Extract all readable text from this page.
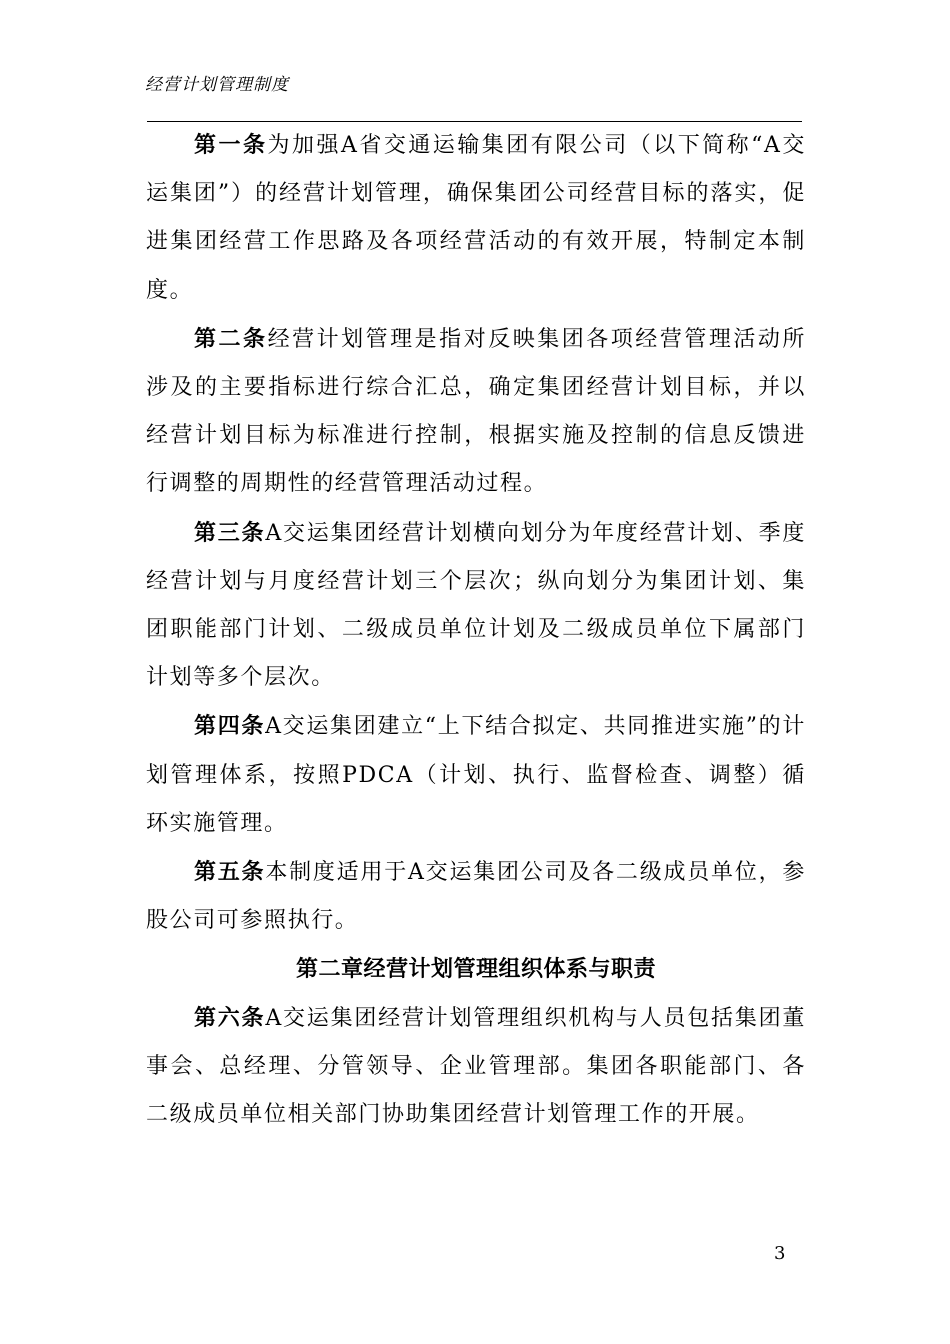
经营计划管理制度

第一条为加强A省交通运输集团有限公司（以下简称“A交运集团”）的经营计划管理，确保集团公司经营目标的落实，促进集团经营工作思路及各项经营活动的有效开展，特制定本制度。

第二条经营计划管理是指对反映集团各项经营管理活动所涉及的主要指标进行综合汇总，确定集团经营计划目标，并以经营计划目标为标准进行控制，根据实施及控制的信息反馈进行调整的周期性的经营管理活动过程。

第三条A交运集团经营计划横向划分为年度经营计划、季度经营计划与月度经营计划三个层次；纵向划分为集团计划、集团职能部门计划、二级成员单位计划及二级成员单位下属部门计划等多个层次。

第四条A交运集团建立“上下结合拟定、共同推进实施”的计划管理体系，按照PDCA（计划、执行、监督检查、调整）循环实施管理。

第五条本制度适用于A交运集团公司及各二级成员单位，参股公司可参照执行。

第二章经营计划管理组织体系与职责

第六条A交运集团经营计划管理组织机构与人员包括集团董事会、总经理、分管领导、企业管理部。集团各职能部门、各二级成员单位相关部门协助集团经营计划管理工作的开展。

3
